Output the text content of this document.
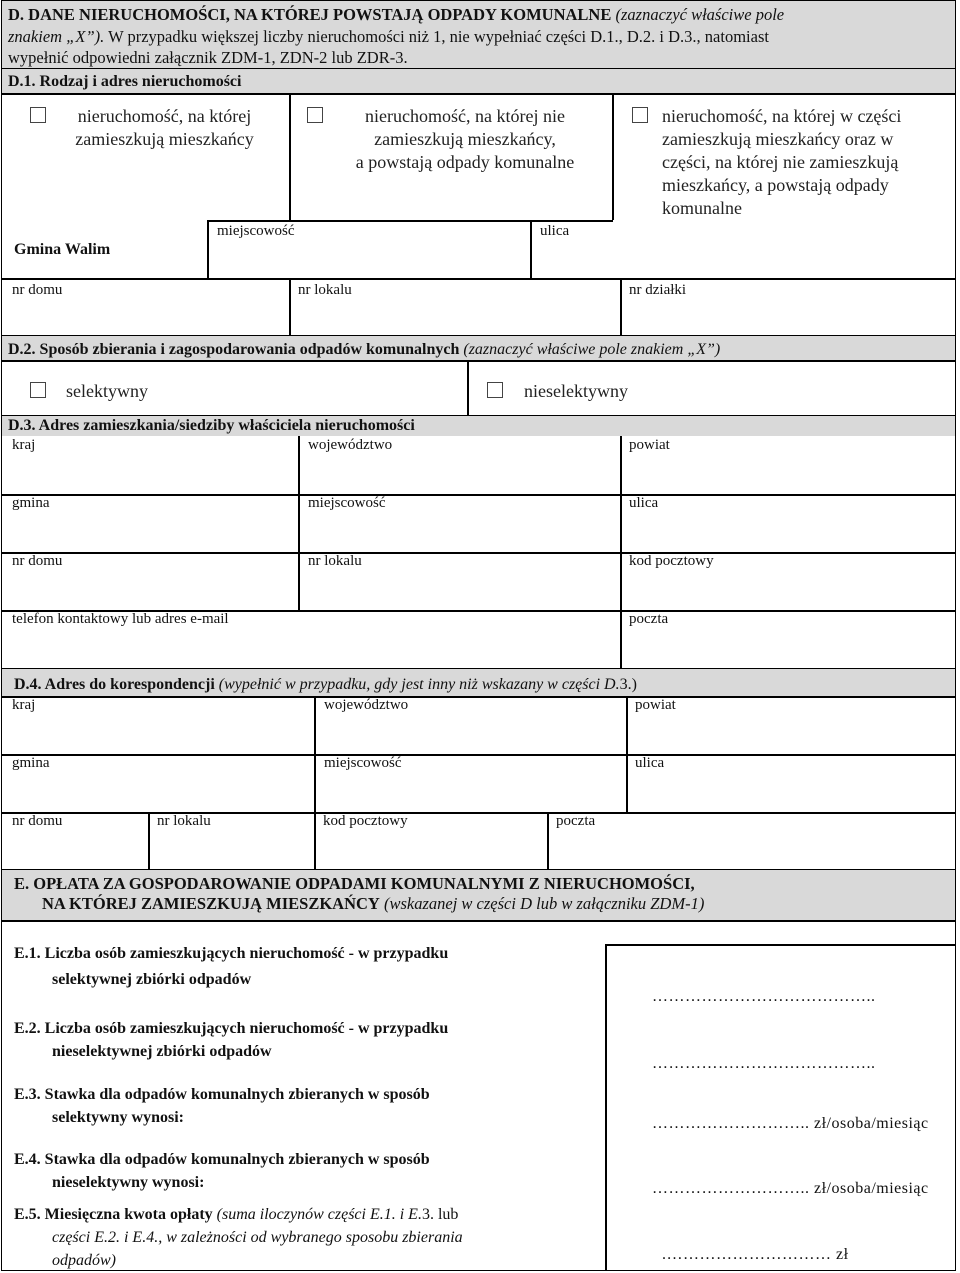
D. DANE NIERUCHOMOŚCI, NA KTÓREJ POWSTAJĄ ODPADY KOMUNALNE (zaznaczyć właściwe pole
znakiem „X”). W przypadku większej liczby nieruchomości niż 1, nie wypełniać części D.1., D.2. i D.3., natomiast
wypełnić odpowiedni załącznik ZDM-1, ZDN-2 lub ZDR-3.
D.1. Rodzaj i adres nieruchomości
nieruchomość, na której
zamieszkują mieszkańcy
nieruchomość, na której nie
zamieszkują mieszkańcy,
a powstają odpady komunalne
nieruchomość, na której w części
zamieszkują mieszkańcy oraz w
części, na której nie zamieszkują
mieszkańcy, a powstają odpady
komunalne
Gmina Walim
miejscowość	ulica
nr domu	nr lokalu	nr działki
D.2. Sposób zbierania i zagospodarowania odpadów komunalnych (zaznaczyć właściwe pole znakiem „X”)
selektywny	nieselektywny
D.3. Adres zamieszkania/siedziby właściciela nieruchomości
kraj	województwo	powiat
gmina	miejscowość	ulica
nr domu	nr lokalu	kod pocztowy
telefon kontaktowy lub adres e-mail	poczta
D.4. Adres do korespondencji (wypełnić w przypadku, gdy jest inny niż wskazany w części D.3.)
kraj	województwo	powiat
gmina	miejscowość	ulica
nr domu	nr lokalu	kod pocztowy	poczta
E. OPŁATA ZA GOSPODAROWANIE ODPADAMI KOMUNALNYMI Z NIERUCHOMOŚCI,
NA KTÓREJ ZAMIESZKUJĄ MIESZKAŃCY (wskazanej w części D lub w załączniku ZDM-1)
E.1. Liczba osób zamieszkujących nieruchomość - w przypadku
selektywnej zbiórki odpadów
…………………………………..
E.2. Liczba osób zamieszkujących nieruchomość - w przypadku
nieselektywnej zbiórki odpadów
…………………………………..
E.3. Stawka dla odpadów komunalnych zbieranych w sposób
selektywny wynosi:	……………………….. zł/osoba/miesiąc
E.4. Stawka dla odpadów komunalnych zbieranych w sposób
nieselektywny wynosi:	……………………….. zł/osoba/miesiąc
E.5. Miesięczna kwota opłaty (suma iloczynów części E.1. i E.3. lub
części E.2. i E.4., w zależności od wybranego sposobu zbierania
odpadów)	.………………………… zł
